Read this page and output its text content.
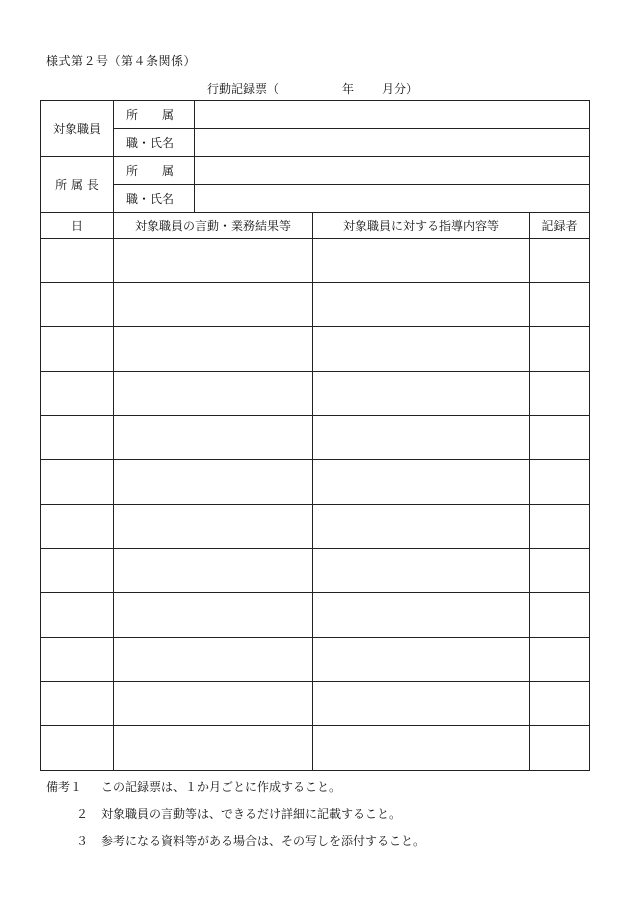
様式第２号（第４条関係）

行動記録票（

	年

月分）

対象職員	所　　属			
	職・氏名			
所 属 長	所　　属			
	職・氏名			
日	対象職員の言動・業務結果等		対象職員に対する指導内容等	記録者

備考１	この記録票は、１か月ごとに作成すること。
２	対象職員の言動等は、できるだけ詳細に記載すること。
３	参考になる資料等がある場合は、その写しを添付すること。
